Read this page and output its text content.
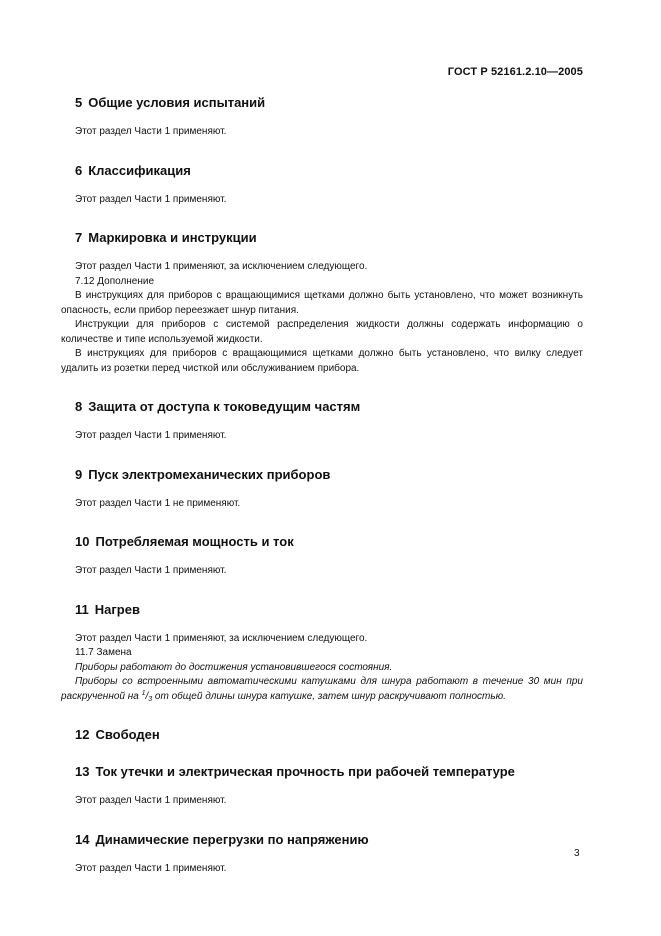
ГОСТ Р 52161.2.10—2005
5 Общие условия испытаний

Этот раздел Части 1 применяют.

6 Классификация

Этот раздел Части 1 применяют.

7 Маркировка и инструкции

Этот раздел Части 1 применяют, за исключением следующего.

7.12 Дополнение

В инструкциях для приборов с вращающимися щетками должно быть установлено, что может возникнуть опасность, если прибор переезжает шнур питания.

Инструкции для приборов с системой распределения жидкости должны содержать информацию о количестве и типе используемой жидкости.

В инструкциях для приборов с вращающимися щетками должно быть установлено, что вилку следует удалить из розетки перед чисткой или обслуживанием прибора.

8 Защита от доступа к токоведущим частям

Этот раздел Части 1 применяют.

9 Пуск электромеханических приборов

Этот раздел Части 1 не применяют.

10 Потребляемая мощность и ток

Этот раздел Части 1 применяют.

11 Нагрев

Этот раздел Части 1 применяют, за исключением следующего.

11.7 Замена

Приборы работают до достижения установившегося состояния.

Приборы со встроенными автоматическими катушками для шнура работают в течение 30 мин при раскрученной на $^1/_3$ от общей длины шнура катушке, затем шнур раскручивают полностью.

12 Свободен
13 Ток утечки и электрическая прочность при рабочей температуре

Этот раздел Части 1 применяют.

14 Динамические перегрузки по напряжению

Этот раздел Части 1 применяют.

3
